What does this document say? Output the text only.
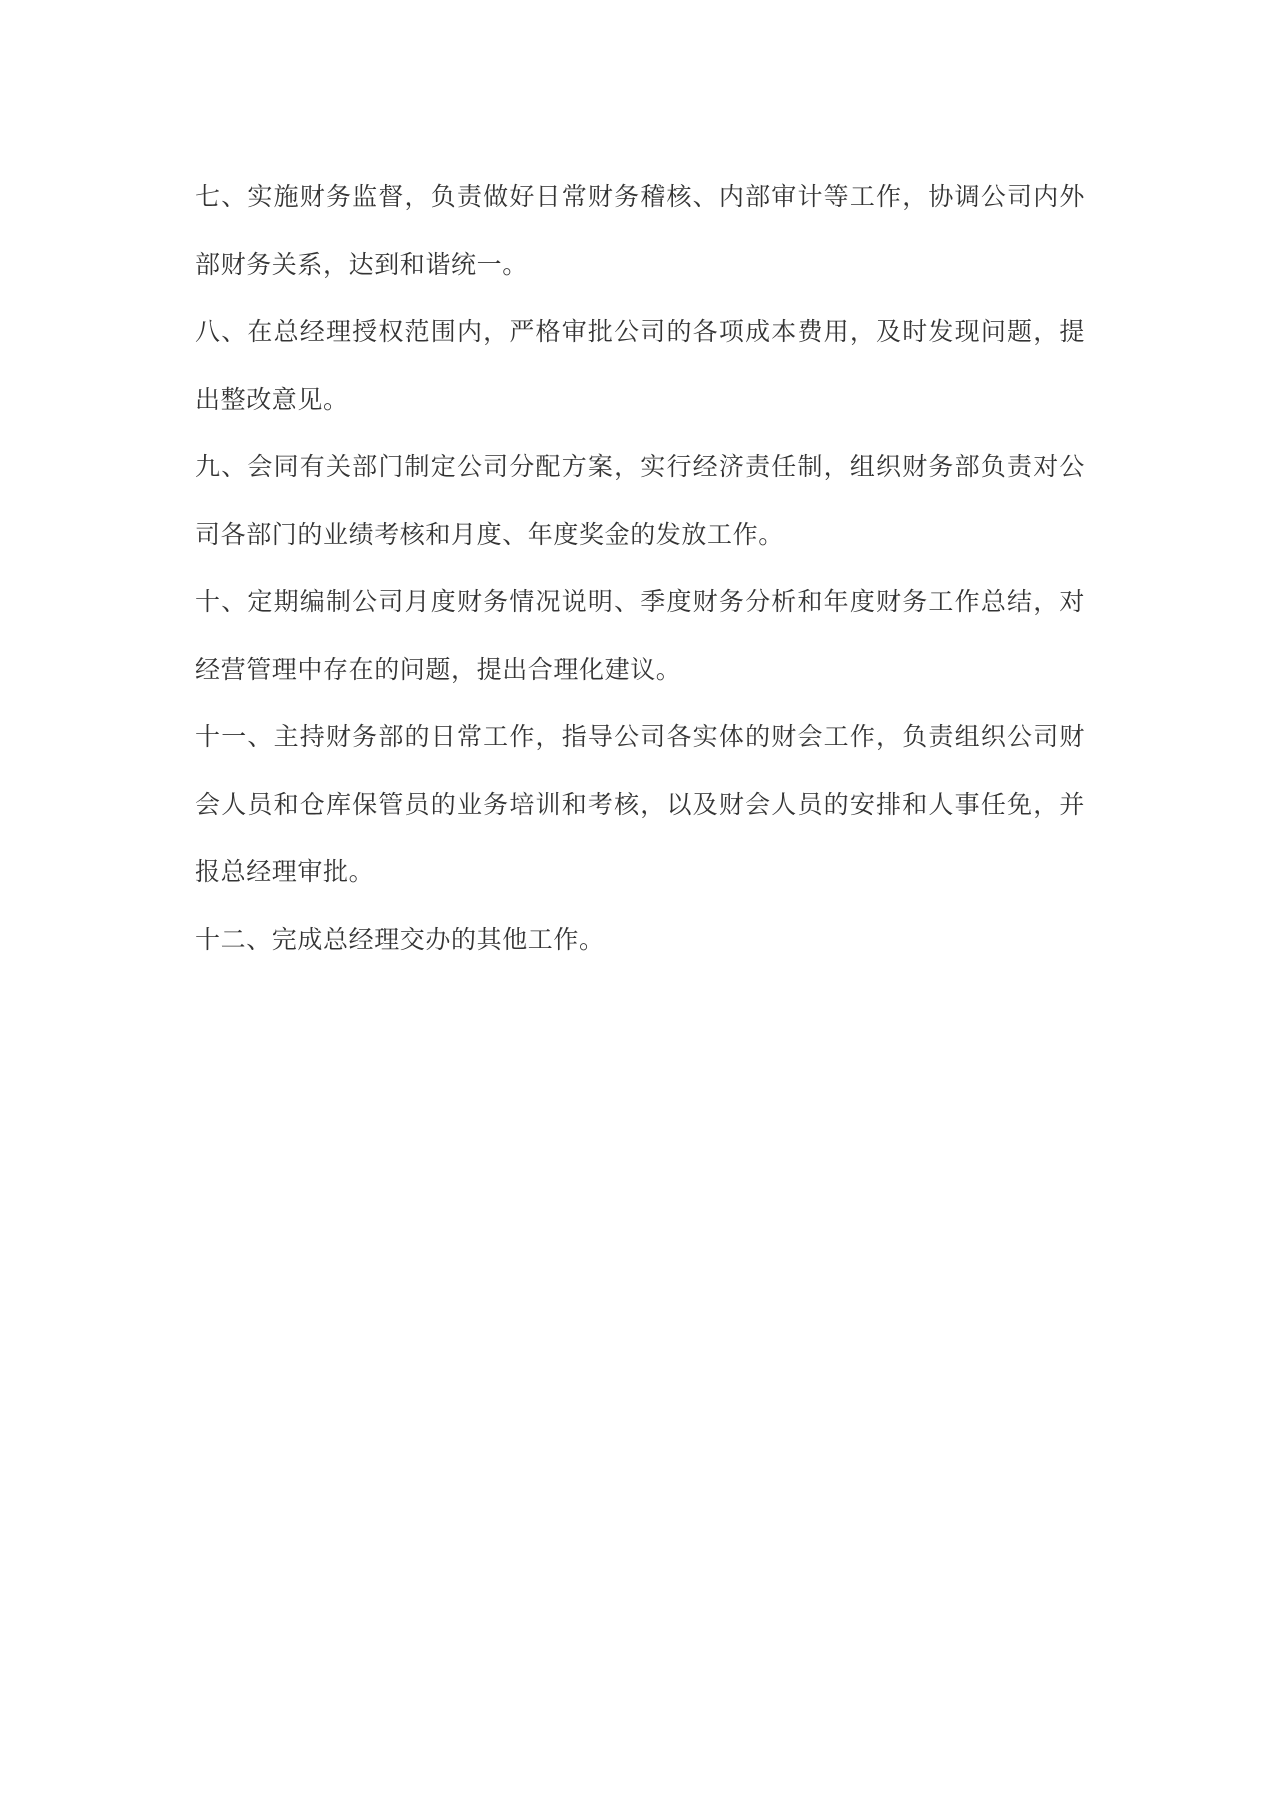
七、实施财务监督，负责做好日常财务稽核、内部审计等工作，协调公司内外部财务关系，达到和谐统一。

八、在总经理授权范围内，严格审批公司的各项成本费用，及时发现问题，提出整改意见。

九、会同有关部门制定公司分配方案，实行经济责任制，组织财务部负责对公司各部门的业绩考核和月度、年度奖金的发放工作。

十、定期编制公司月度财务情况说明、季度财务分析和年度财务工作总结，对经营管理中存在的问题，提出合理化建议。

十一、主持财务部的日常工作，指导公司各实体的财会工作，负责组织公司财会人员和仓库保管员的业务培训和考核，以及财会人员的安排和人事任免，并报总经理审批。

十二、完成总经理交办的其他工作。
